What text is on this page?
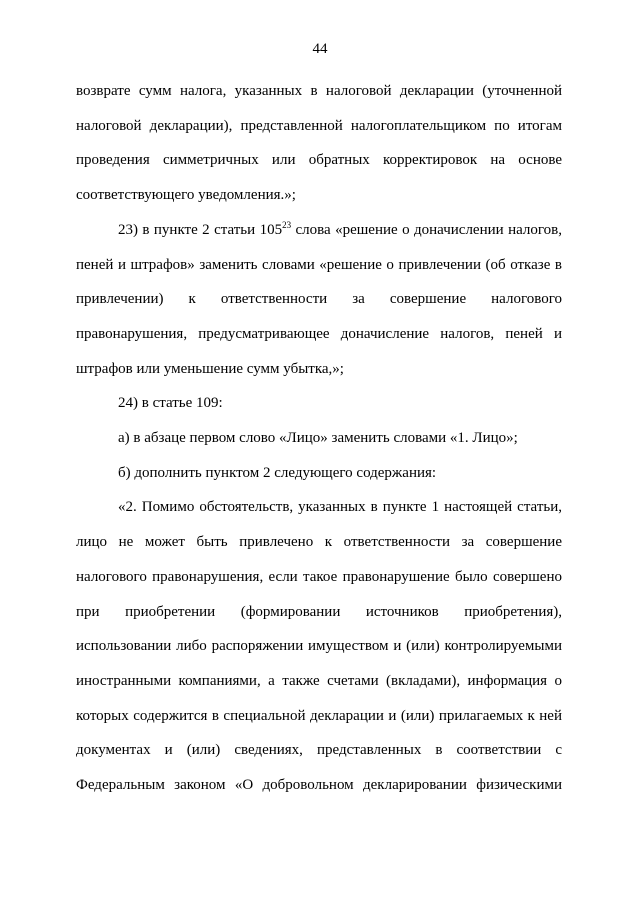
44
возврате сумм налога, указанных в налоговой декларации (уточненной
налоговой декларации), представленной налогоплательщиком по итогам
проведения симметричных или обратных корректировок на основе
соответствующего уведомления.»;
23) в пункте 2 статьи $105^{23}$ слова «решение о доначислении налогов,
пеней и штрафов» заменить словами «решение о привлечении (об отказе в
привлечении) к ответственности за совершение налогового
правонарушения, предусматривающее доначисление налогов, пеней и
штрафов или уменьшение сумм убытка,»;
24) в статье 109:
а) в абзаце первом слово «Лицо» заменить словами «1. Лицо»;
б) дополнить пунктом 2 следующего содержания:
«2. Помимо обстоятельств, указанных в пункте 1 настоящей статьи,
лицо не может быть привлечено к ответственности за совершение
налогового правонарушения, если такое правонарушение было совершено
при приобретении (формировании источников приобретения),
использовании либо распоряжении имуществом и (или) контролируемыми
иностранными компаниями, а также счетами (вкладами), информация о
которых содержится в специальной декларации и (или) прилагаемых к ней
документах и (или) сведениях, представленных в соответствии с
Федеральным законом «О добровольном декларировании физическими
